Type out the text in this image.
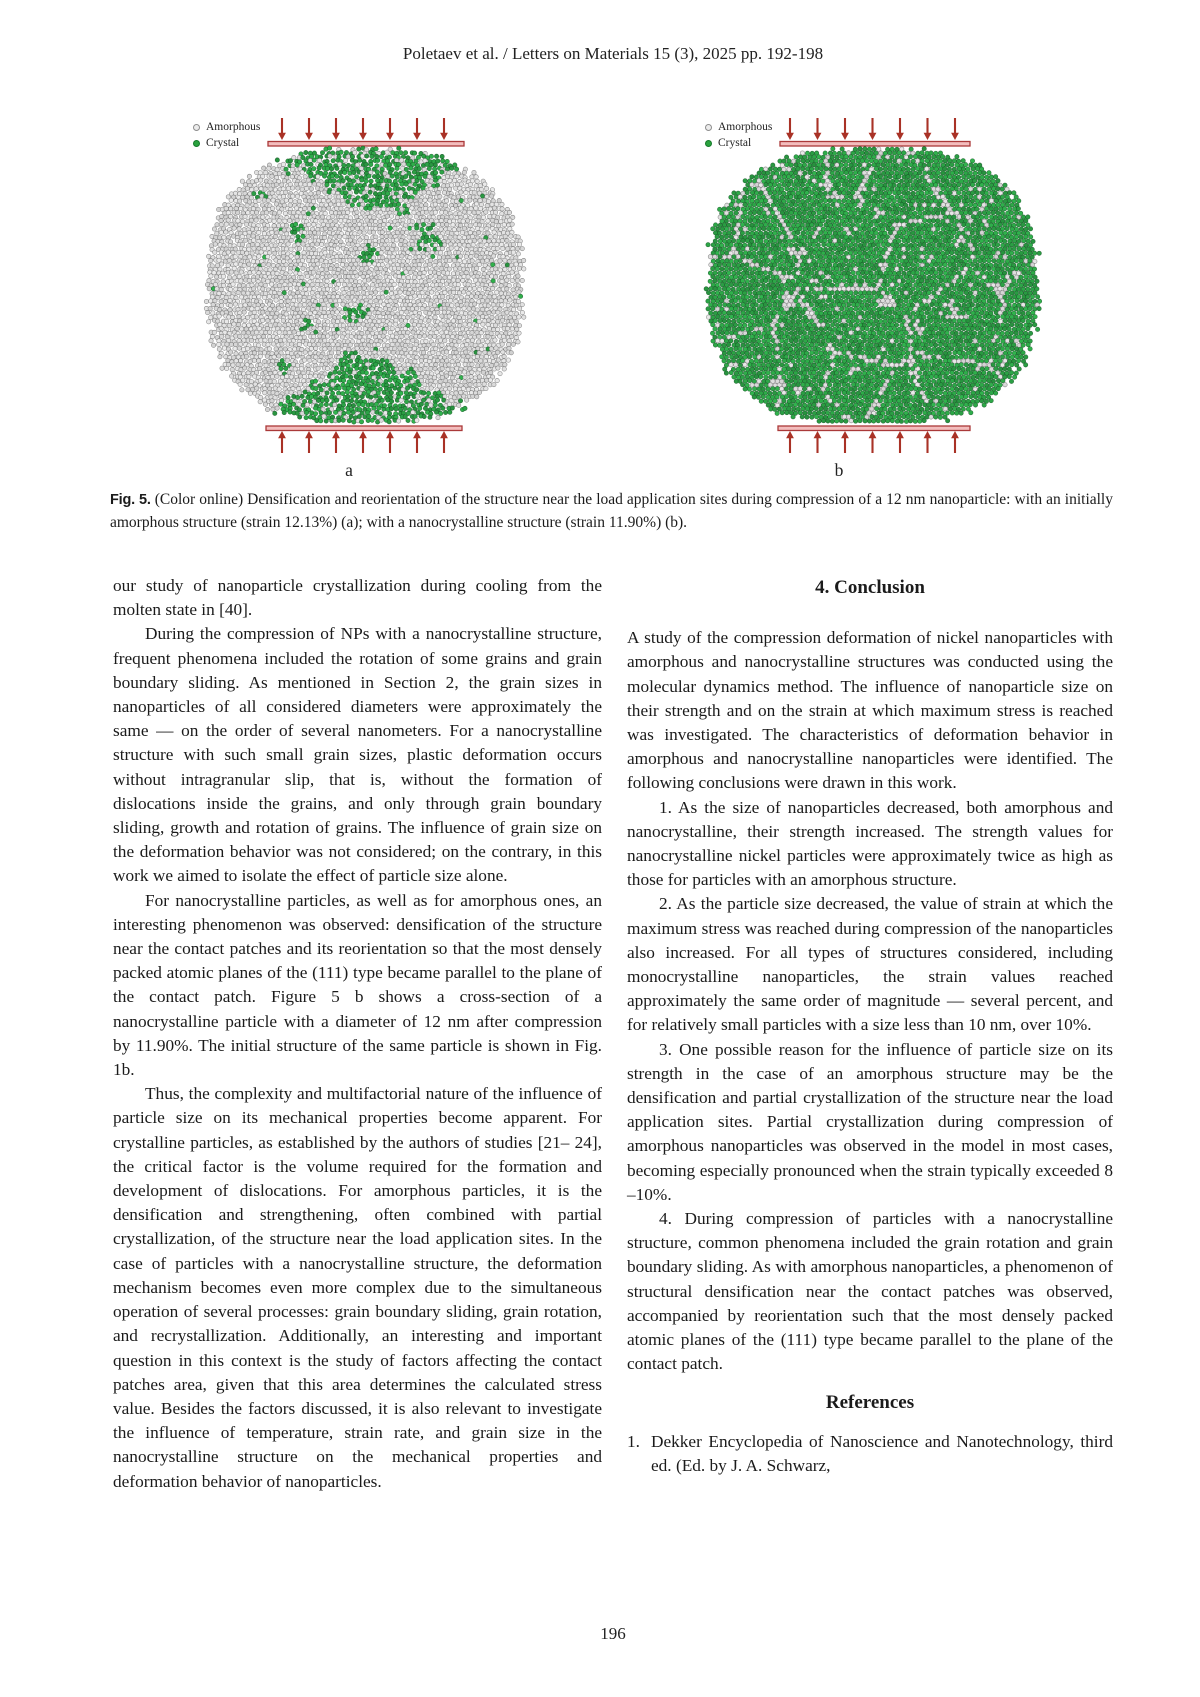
Poletaev et al. / Letters on Materials 15 (3), 2025 pp. 192-198
Amorphous
Crystal
a
Amorphous
Crystal
b
Fig. 5. (Color online) Densification and reorientation of the structure near the load application sites during compression of a 12 nm nanoparticle: with an initially amorphous structure (strain 12.13%) (a); with a nanocrystalline structure (strain 11.90%) (b).

our study of nanoparticle crystallization during cooling from the molten state in [40].

During the compression of NPs with a nanocrystalline structure, frequent phenomena included the rotation of some grains and grain boundary sliding. As mentioned in Section 2, the grain sizes in nanoparticles of all considered diameters were approximately the same — on the order of several nanometers. For a nanocrystalline structure with such small grain sizes, plastic deformation occurs without intragranular slip, that is, without the formation of dislocations inside the grains, and only through grain boundary sliding, growth and rotation of grains. The influence of grain size on the deformation behavior was not considered; on the contrary, in this work we aimed to isolate the effect of particle size alone.

For nanocrystalline particles, as well as for amorphous ones, an interesting phenomenon was observed: densification of the structure near the contact patches and its reorientation so that the most densely packed atomic planes of the (111) type became parallel to the plane of the contact patch. Figure 5 b shows a cross-section of a nanocrystalline particle with a diameter of 12 nm after compression by 11.90%. The initial structure of the same particle is shown in Fig. 1b.

Thus, the complexity and multifactorial nature of the influence of particle size on its mechanical properties become apparent. For crystalline particles, as established by the authors of studies [21– 24], the critical factor is the volume required for the formation and development of dislocations. For amorphous particles, it is the densification and strengthening, often combined with partial crystallization, of the structure near the load application sites. In the case of particles with a nanocrystalline structure, the deformation mechanism becomes even more complex due to the simultaneous operation of several processes: grain boundary sliding, grain rotation, and recrystallization. Additionally, an interesting and important question in this context is the study of factors affecting the contact patches area, given that this area determines the calculated stress value. Besides the factors discussed, it is also relevant to investigate the influence of temperature, strain rate, and grain size in the nanocrystalline structure on the mechanical properties and deformation behavior of nanoparticles.

4. Conclusion

A study of the compression deformation of nickel nanoparticles with amorphous and nanocrystalline structures was conducted using the molecular dynamics method. The influence of nanoparticle size on their strength and on the strain at which maximum stress is reached was investigated. The characteristics of deformation behavior in amorphous and nanocrystalline nanoparticles were identified. The following conclusions were drawn in this work.

1. As the size of nanoparticles decreased, both amorphous and nanocrystalline, their strength increased. The strength values for nanocrystalline nickel particles were approximately twice as high as those for particles with an amorphous structure.

2. As the particle size decreased, the value of strain at which the maximum stress was reached during compression of the nanoparticles also increased. For all types of structures considered, including monocrystalline nanoparticles, the strain values reached approximately the same order of magnitude — several percent, and for relatively small particles with a size less than 10 nm, over 10%.

3. One possible reason for the influence of particle size on its strength in the case of an amorphous structure may be the densification and partial crystallization of the structure near the load application sites. Partial crystallization during compression of amorphous nanoparticles was observed in the model in most cases, becoming especially pronounced when the strain typically exceeded 8 –10%.

4. During compression of particles with a nanocrystalline structure, common phenomena included the grain rotation and grain boundary sliding. As with amorphous nanoparticles, a phenomenon of structural densification near the contact patches was observed, accompanied by reorientation such that the most densely packed atomic planes of the (111) type became parallel to the plane of the contact patch.

References

1. Dekker Encyclopedia of Nanoscience and Nanotechnology, third ed. (Ed. by J. A. Schwarz,
196
